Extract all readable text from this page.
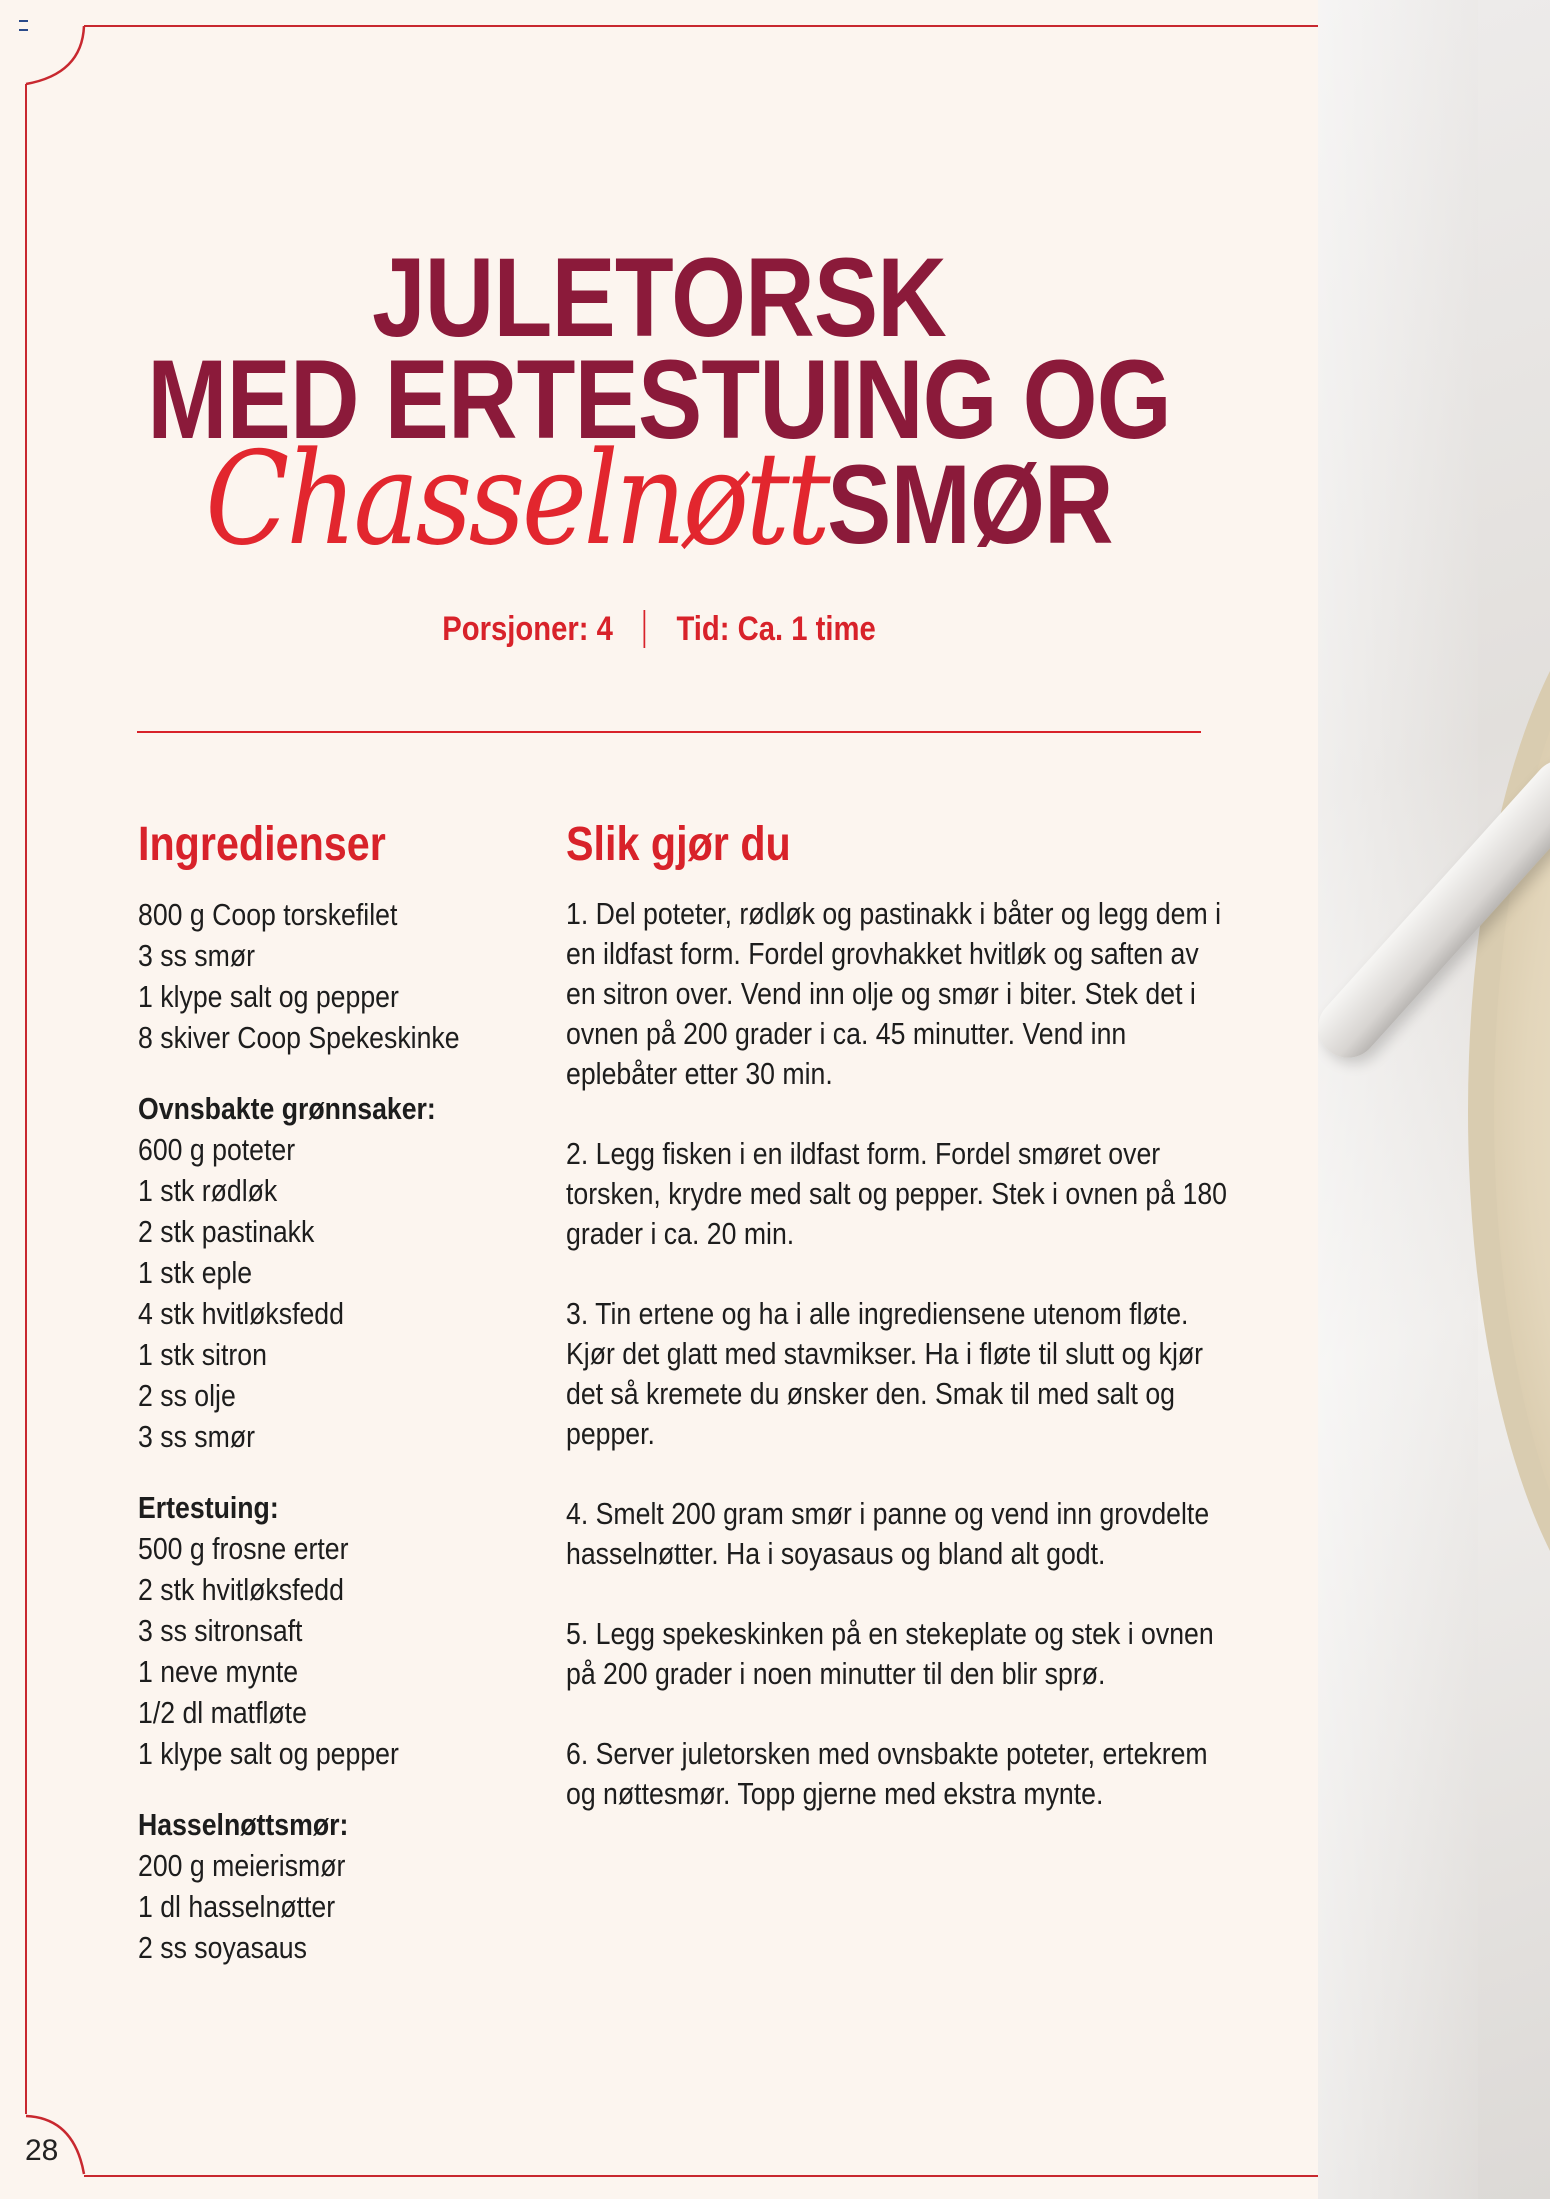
JULETORSK
MED ERTESTUING OG
ChasselnøttSMØR
Porsjoner: 4 Tid: Ca. 1 time
Ingredienser
800 g Coop torskefilet
3 ss smør
1 klype salt og pepper
8 skiver Coop Spekeskinke
Ovnsbakte grønnsaker:
600 g poteter
1 stk rødløk
2 stk pastinakk
1 stk eple
4 stk hvitløksfedd
1 stk sitron
2 ss olje
3 ss smør
Ertestuing:
500 g frosne erter
2 stk hvitløksfedd
3 ss sitronsaft
1 neve mynte
1/2 dl matfløte
1 klype salt og pepper
Hasselnøttsmør:
200 g meierismør
1 dl hasselnøtter
2 ss soyasaus
Slik gjør du
1. Del poteter, rødløk og pastinakk i båter og legg dem i en ildfast form. Fordel grovhakket hvitløk og saften av en sitron over. Vend inn olje og smør i biter. Stek det i ovnen på 200 grader i ca. 45 minutter. Vend inn eplebåter etter 30 min.
2. Legg fisken i en ildfast form. Fordel smøret over torsken, krydre med salt og pepper. Stek i ovnen på 180 grader i ca. 20 min.
3. Tin ertene og ha i alle ingrediensene utenom fløte. Kjør det glatt med stavmikser. Ha i fløte til slutt og kjør det så kremete du ønsker den. Smak til med salt og pepper.
4. Smelt 200 gram smør i panne og vend inn grovdelte hasselnøtter. Ha i soyasaus og bland alt godt.
5. Legg spekeskinken på en stekeplate og stek i ovnen på 200 grader i noen minutter til den blir sprø.
6. Server juletorsken med ovnsbakte poteter, ertekrem og nøttesmør. Topp gjerne med ekstra mynte.
28
